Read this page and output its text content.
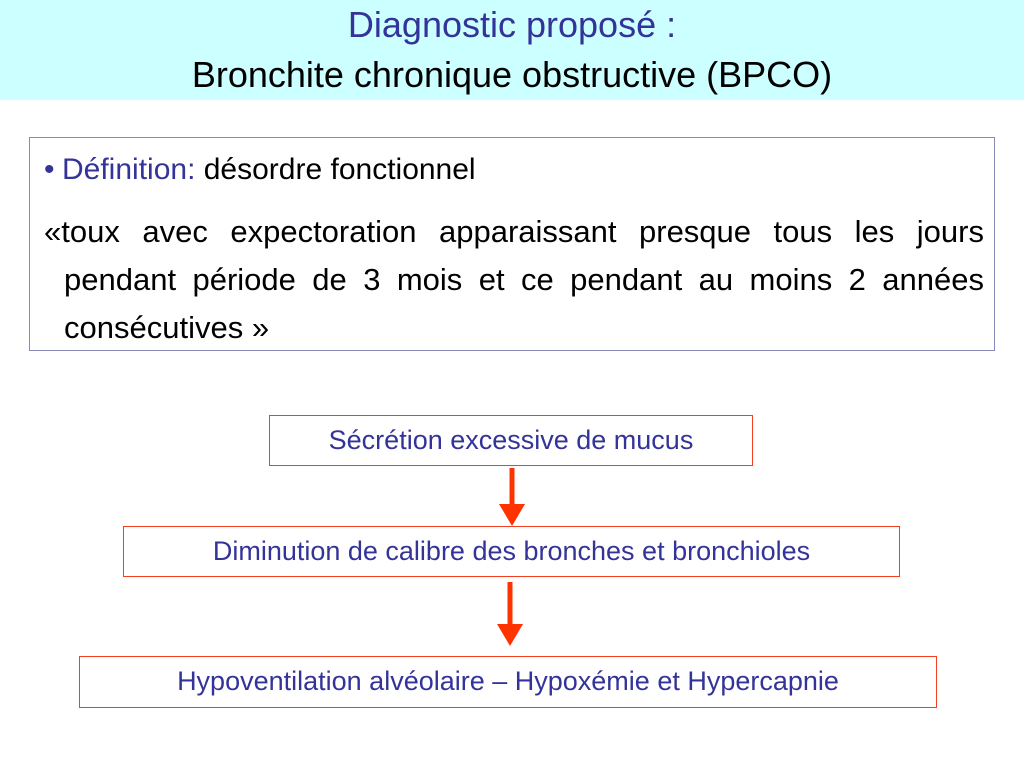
Diagnostic proposé :
Bronchite chronique obstructive (BPCO)
• Définition: désordre fonctionnel
«toux avec expectoration apparaissant presque tous les jours pendant période de 3 mois et ce pendant au moins 2 années consécutives »
Sécrétion excessive de mucus
Diminution de calibre des bronches et bronchioles
Hypoventilation alvéolaire – Hypoxémie et Hypercapnie
